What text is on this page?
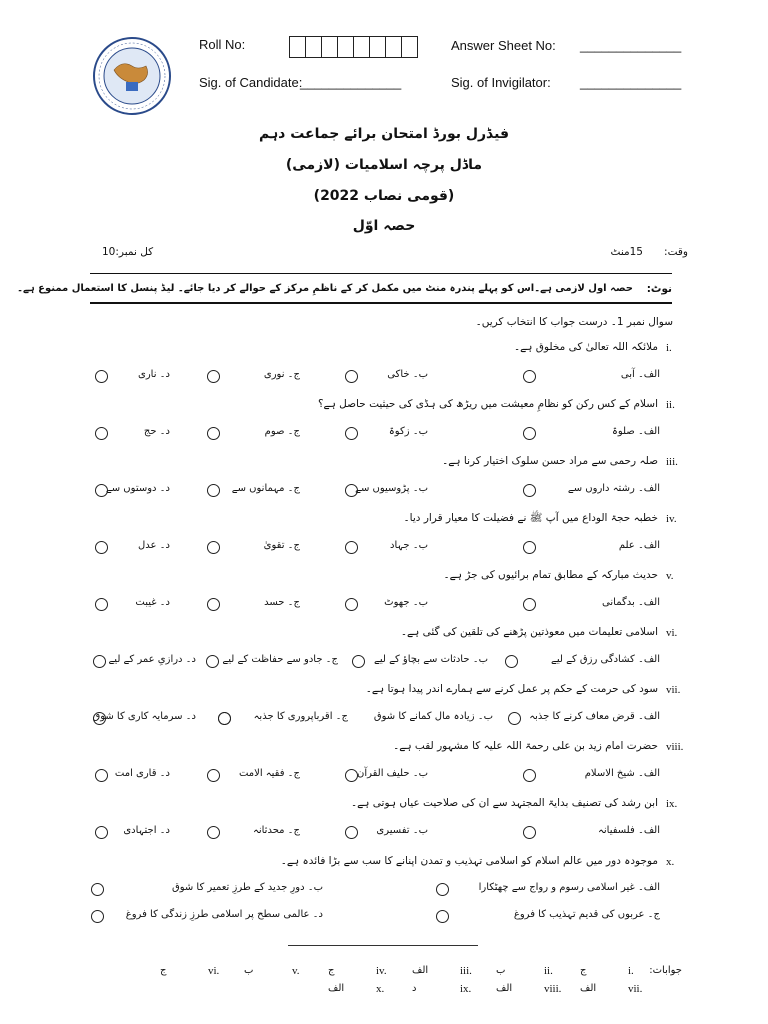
Roll No:	Answer Sheet No: ______________
Sig. of Candidate:
______________	Sig. of Invigilator: ______________
فیڈرل بورڈ امتحان برائے جماعت دہم
ماڈل پرچہ اسلامیات (لازمی)
(قومی نصاب 2022)
حصہ اوّل
وقت:
15منٹ
کل نمبر:10
نوٹ:
حصہ اول لازمی ہے۔اس کو پہلے پندرہ منٹ میں مکمل کر کے ناظمِ مرکز کے حوالے کر دیا جائے۔ لیڈ پنسل کا استعمال ممنوع ہے۔
سوال نمبر 1۔ درست جواب کا انتخاب کریں۔
i.
ملائکہ اللہ تعالیٰ کی مخلوق ہے۔
الف۔ آبی
ب۔ خاکی
ج۔ نوری
د۔ ناری
ii.
اسلام کے کس رکن کو نظامِ معیشت میں ریڑھ کی ہڈی کی حیثیت حاصل ہے؟
الف۔ صلوۃ
ب۔ زکوۃ
ج۔ صوم
د۔ حج
iii.
صلہ رحمی سے مراد حسن سلوک اختیار کرنا ہے۔
الف۔ رشتہ داروں سے
ب۔ پڑوسیوں سے
ج۔ مہمانوں سے
د۔ دوستوں سے
iv.
خطبہ حجۃ الوداع میں آپ ﷺ نے فضیلت کا معیار قرار دیا۔
الف۔ علم
ب۔ جہاد
ج۔ تقویٰ
د۔ عدل
v.
حدیث مبارکہ کے مطابق تمام برائیوں کی جڑ ہے۔
الف۔ بدگمانی
ب۔ جھوٹ
ج۔ حسد
د۔ غیبت
vi.
اسلامی تعلیمات میں معوذتین پڑھنے کی تلقین کی گئی ہے۔
الف۔ کشادگی رزق کے لیے
ب۔ حادثات سے بچاؤ کے لیے
ج۔ جادو سے حفاظت کے لیے
د۔ درازیِ عمر کے لیے
vii.
سود کی حرمت کے حکم پر عمل کرنے سے ہمارے اندر پیدا ہوتا ہے۔
الف۔ قرض معاف کرنے کا جذبہ
ب۔ زیادہ مال کمانے کا شوق
ج۔ اقرباپروری کا جذبہ
د۔ سرمایہ کاری کا شوق
viii.
حضرت امام زید بن علی رحمۃ اللہ علیہ کا مشہور لقب ہے۔
الف۔ شیخ الاسلام
ب۔ حلیف القرآن
ج۔ فقیہ الامت
د۔ قاری امت
ix.
ابن رشد کی تصنیف بدایۃ المجتہد سے ان کی صلاحیت عیاں ہوتی ہے۔
الف۔ فلسفیانہ
ب۔ تفسیری
ج۔ محدثانہ
د۔ اجتہادی
x.
موجودہ دور میں عالم اسلام کو اسلامی تہذیب و تمدن اپنانے کا سب سے بڑا فائدہ ہے۔
الف۔ غیر اسلامی رسوم و رواج سے چھٹکارا
ب۔ دورِ جدید کے طرزِ تعمیر کا شوق
ج۔ عربوں کی قدیم تہذیب کا فروغ
د۔ عالمی سطح پر اسلامی طرزِ زندگی کا فروغ
جوابات:
i.
ج
ii.
ب
iii.
الف
iv.
ج
v.
ب
vi.
ج
vii.
الف
viii.
الف
ix.
د
x.
الف
